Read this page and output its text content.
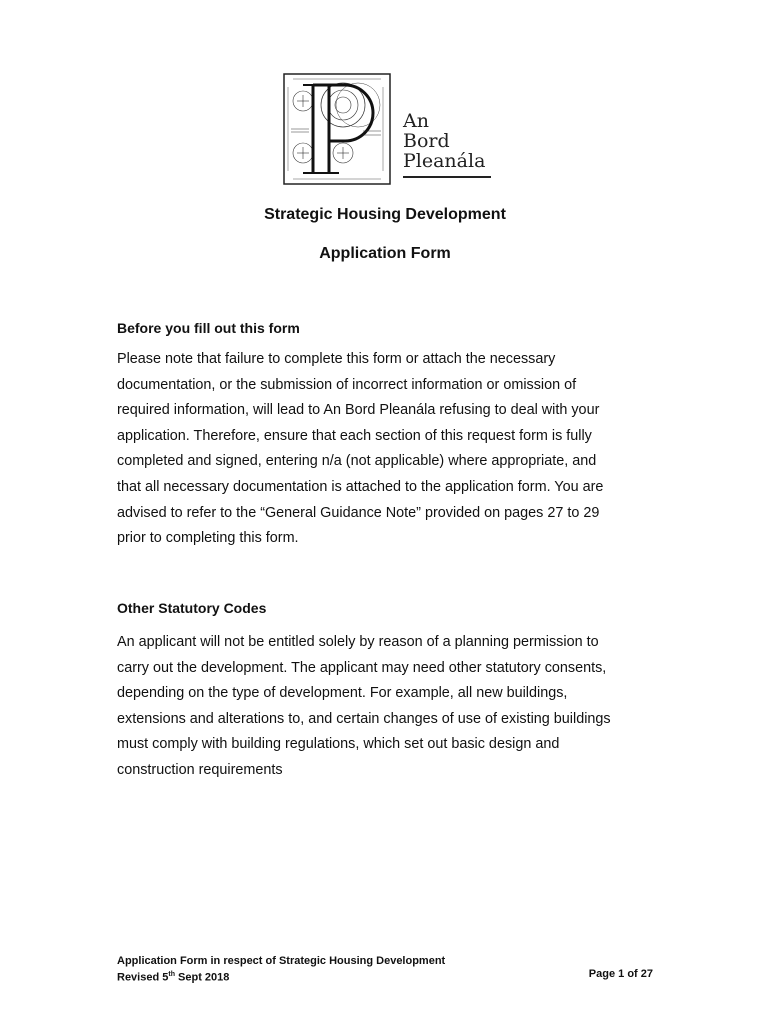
An
Bord
Pleanála
Strategic Housing Development
Application Form
Before you fill out this form

Please note that failure to complete this form or attach the necessary
documentation, or the submission of incorrect information or omission of
required information, will lead to An Bord Pleanála refusing to deal with your
application. Therefore, ensure that each section of this request form is fully
completed and signed, entering n/a (not applicable) where appropriate, and
that all necessary documentation is attached to the application form. You are
advised to refer to the “General Guidance Note” provided on pages 27 to 29
prior to completing this form.

Other Statutory Codes

An applicant will not be entitled solely by reason of a planning permission to
carry out the development. The applicant may need other statutory consents,
depending on the type of development. For example, all new buildings,
extensions and alterations to, and certain changes of use of existing buildings
must comply with building regulations, which set out basic design and
construction requirements

Application Form in respect of Strategic Housing Development
Revised 5th Sept 2018	Page 1 of 27
